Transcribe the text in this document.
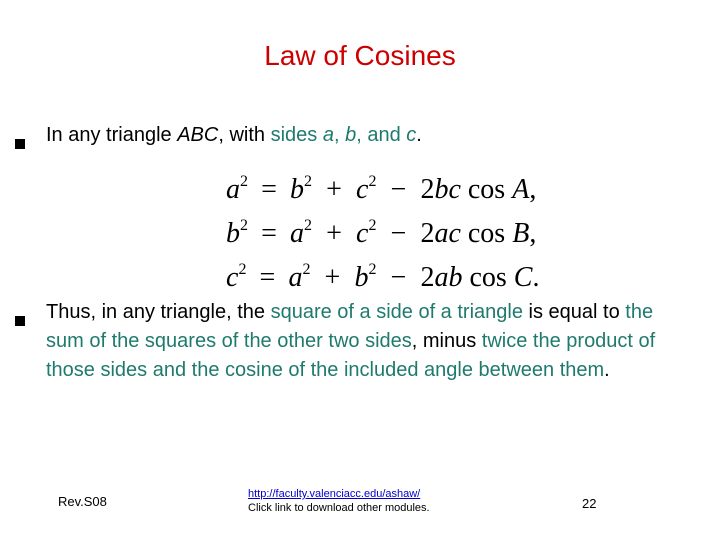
Law of Cosines
In any triangle ABC, with sides a, b, and c.
$a^2 = b^2 + c^2 - 2bc$ cos A,
$b^2 = a^2 + c^2 - 2ac$ cos B,
$c^2 = a^2 + b^2 - 2ab$ cos C.
Thus, in any triangle, the square of a side of a triangle is equal to the sum of the squares of the other two sides, minus twice the product of those sides and the cosine of the included angle between them.
Rev.S08	http://faculty.valenciacc.edu/ashaw/
Click link to download other modules.	22
